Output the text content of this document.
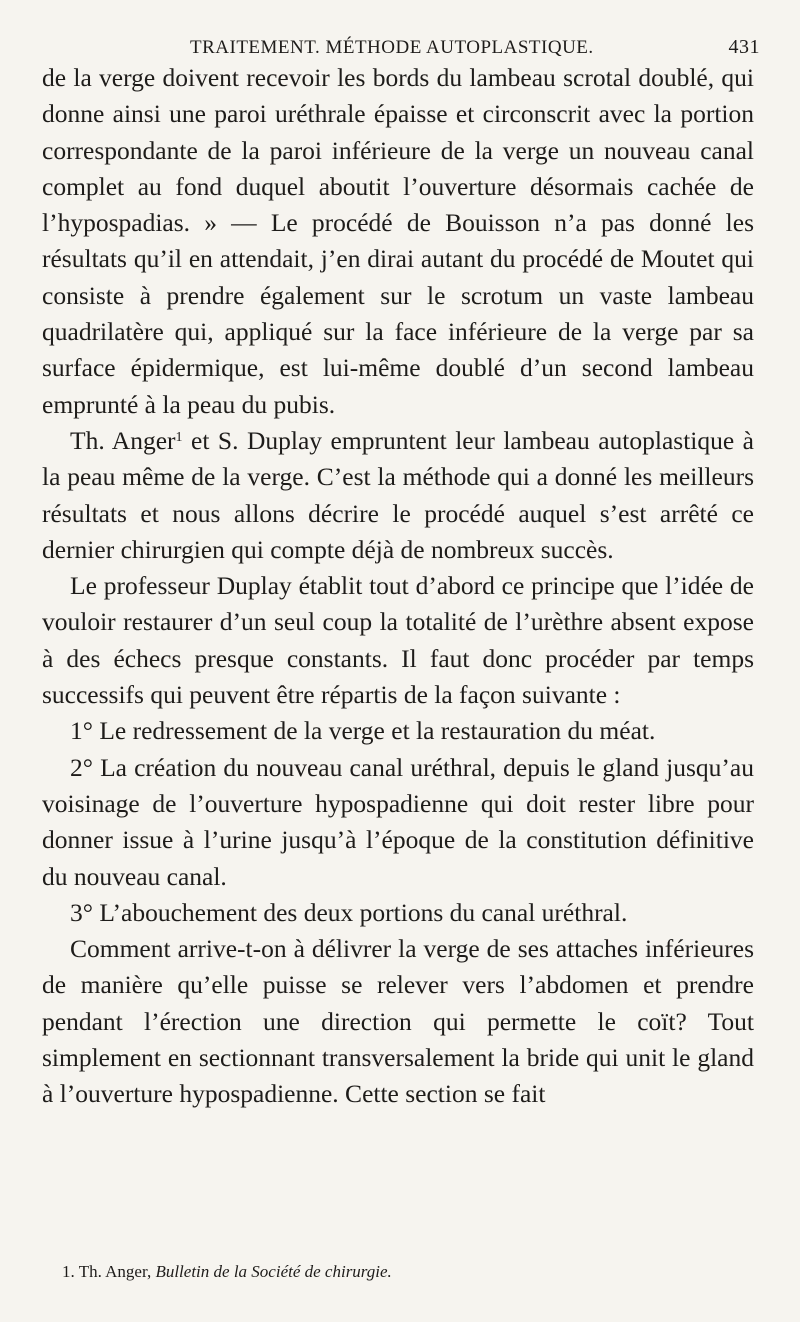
TRAITEMENT. MÉTHODE AUTOPLASTIQUE.	431

de la verge doivent recevoir les bords du lambeau scrotal doublé, qui donne ainsi une paroi uréthrale épaisse et circonscrit avec la portion correspondante de la paroi inférieure de la verge un nouveau canal complet au fond duquel aboutit l’ouverture désormais cachée de l’hypospadias. » — Le procédé de Bouisson n’a pas donné les résultats qu’il en attendait, j’en dirai autant du procédé de Moutet qui consiste à prendre également sur le scrotum un vaste lambeau quadrilatère qui, appliqué sur la face inférieure de la verge par sa surface épidermique, est lui-même doublé d’un second lambeau emprunté à la peau du pubis.

Th. Anger$^1$ et S. Duplay empruntent leur lambeau autoplastique à la peau même de la verge. C’est la méthode qui a donné les meilleurs résultats et nous allons décrire le procédé auquel s’est arrêté ce dernier chirurgien qui compte déjà de nombreux succès.

Le professeur Duplay établit tout d’abord ce principe que l’idée de vouloir restaurer d’un seul coup la totalité de l’urèthre absent expose à des échecs presque constants. Il faut donc procéder par temps successifs qui peuvent être répartis de la façon suivante :

1° Le redressement de la verge et la restauration du méat.

2° La création du nouveau canal uréthral, depuis le gland jusqu’au voisinage de l’ouverture hypospadienne qui doit rester libre pour donner issue à l’urine jusqu’à l’époque de la constitution définitive du nouveau canal.

3° L’abouchement des deux portions du canal uréthral.

Comment arrive-t-on à délivrer la verge de ses attaches inférieures de manière qu’elle puisse se relever vers l’abdomen et prendre pendant l’érection une direction qui permette le coït? Tout simplement en sectionnant transversalement la bride qui unit le gland à l’ouverture hypospadienne. Cette section se fait

1. Th. Anger, Bulletin de la Société de chirurgie.
